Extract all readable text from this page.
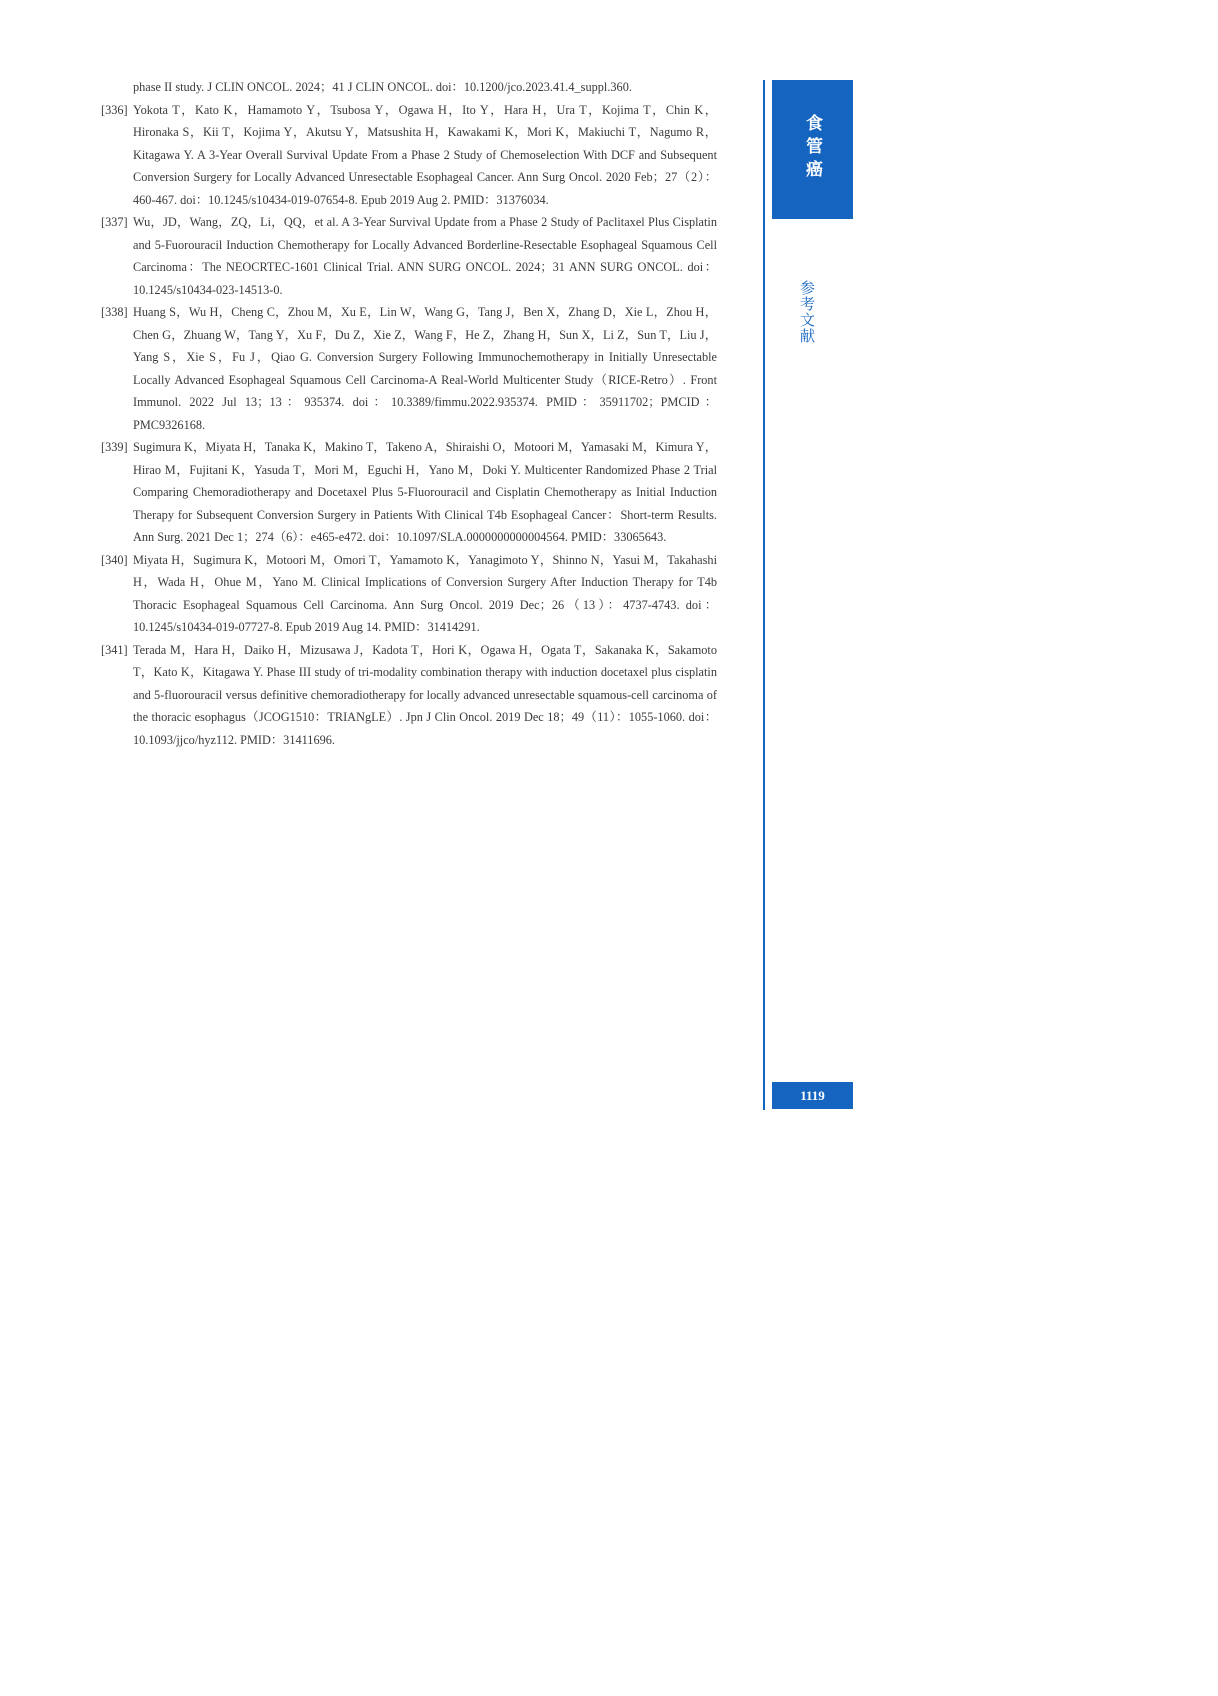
phase II study. J CLIN ONCOL. 2024；41 J CLIN ONCOL. doi：10.1200/jco.2023.41.4_suppl.360.
[336] Yokota T，Kato K，Hamamoto Y，Tsubosa Y，Ogawa H，Ito Y，Hara H，Ura T，Kojima T，Chin K，Hironaka S，Kii T，Kojima Y，Akutsu Y，Matsushita H，Kawakami K，Mori K，Makiuchi T，Nagumo R，Kitagawa Y. A 3-Year Overall Survival Update From a Phase 2 Study of Chemoselection With DCF and Subsequent Conversion Surgery for Locally Advanced Unresectable Esophageal Cancer. Ann Surg Oncol. 2020 Feb；27（2）：460-467. doi：10.1245/s10434-019-07654-8. Epub 2019 Aug 2. PMID：31376034.
[337] Wu，JD，Wang，ZQ，Li，QQ，et al. A 3-Year Survival Update from a Phase 2 Study of Paclitaxel Plus Cisplatin and 5-Fuorouracil Induction Chemotherapy for Locally Advanced Borderline-Resectable Esophageal Squamous Cell Carcinoma：The NEOCRTEC-1601 Clinical Trial. ANN SURG ONCOL. 2024；31 ANN SURG ONCOL. doi：10.1245/s10434-023-14513-0.
[338] Huang S，Wu H，Cheng C，Zhou M，Xu E，Lin W，Wang G，Tang J，Ben X，Zhang D，Xie L，Zhou H，Chen G，Zhuang W，Tang Y，Xu F，Du Z，Xie Z，Wang F，He Z，Zhang H，Sun X，Li Z，Sun T，Liu J，Yang S，Xie S，Fu J，Qiao G. Conversion Surgery Following Immunochemotherapy in Initially Unresectable Locally Advanced Esophageal Squamous Cell Carcinoma-A Real-World Multicenter Study（RICE-Retro）. Front Immunol. 2022 Jul 13；13：935374. doi：10.3389/fimmu.2022.935374. PMID：35911702；PMCID：PMC9326168.
[339] Sugimura K，Miyata H，Tanaka K，Makino T，Takeno A，Shiraishi O，Motoori M，Yamasaki M，Kimura Y，Hirao M，Fujitani K，Yasuda T，Mori M，Eguchi H，Yano M，Doki Y. Multicenter Randomized Phase 2 Trial Comparing Chemoradiotherapy and Docetaxel Plus 5-Fluorouracil and Cisplatin Chemotherapy as Initial Induction Therapy for Subsequent Conversion Surgery in Patients With Clinical T4b Esophageal Cancer：Short-term Results. Ann Surg. 2021 Dec 1；274（6）：e465-e472. doi：10.1097/SLA.0000000000004564. PMID：33065643.
[340] Miyata H，Sugimura K，Motoori M，Omori T，Yamamoto K，Yanagimoto Y，Shinno N，Yasui M，Takahashi H，Wada H，Ohue M，Yano M. Clinical Implications of Conversion Surgery After Induction Therapy for T4b Thoracic Esophageal Squamous Cell Carcinoma. Ann Surg Oncol. 2019 Dec；26（13）：4737-4743. doi：10.1245/s10434-019-07727-8. Epub 2019 Aug 14. PMID：31414291.
[341] Terada M，Hara H，Daiko H，Mizusawa J，Kadota T，Hori K，Ogawa H，Ogata T，Sakanaka K，Sakamoto T，Kato K，Kitagawa Y. Phase III study of tri-modality combination therapy with induction docetaxel plus cisplatin and 5-fluorouracil versus definitive chemoradiotherapy for locally advanced unresectable squamous-cell carcinoma of the thoracic esophagus（JCOG1510：TRIANgLE）. Jpn J Clin Oncol. 2019 Dec 18；49（11）：1055-1060. doi：10.1093/jjco/hyz112. PMID：31411696.
食管癌
参考文献
1119
